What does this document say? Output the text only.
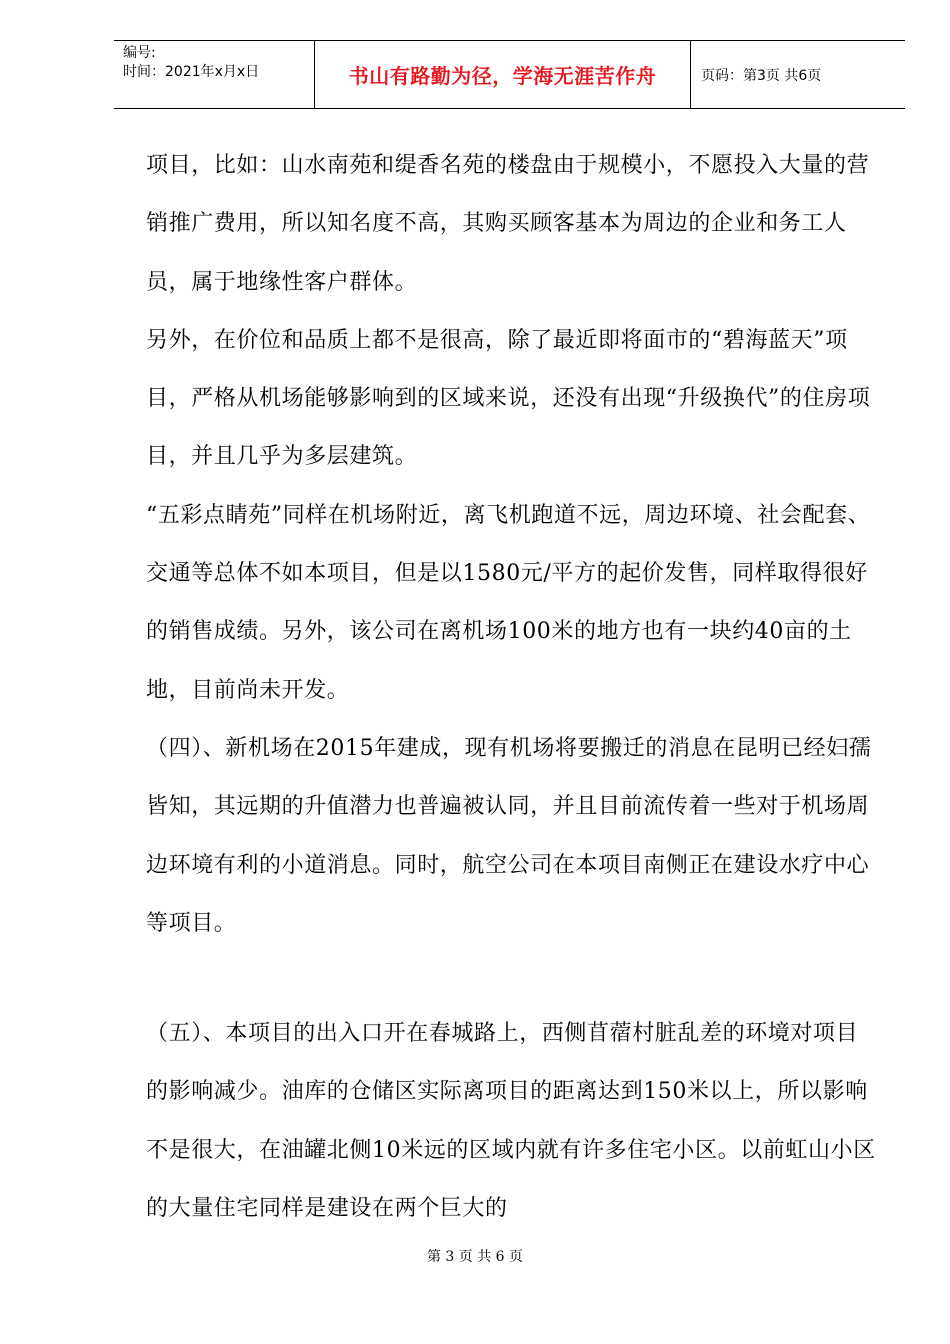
编号:
时间：2021年x月x日	书山有路勤为径，学海无涯苦作舟	页码：第3页 共6页

项目，比如：山水南苑和缇香名苑的楼盘由于规模小，不愿投入大量的营销推广费用，所以知名度不高，其购买顾客基本为周边的企业和务工人员，属于地缘性客户群体。

另外，在价位和品质上都不是很高，除了最近即将面市的“碧海蓝天”项目，严格从机场能够影响到的区域来说，还没有出现“升级换代”的住房项目，并且几乎为多层建筑。

“五彩点睛苑”同样在机场附近，离飞机跑道不远，周边环境、社会配套、交通等总体不如本项目，但是以1580元/平方的起价发售，同样取得很好的销售成绩。另外，该公司在离机场100米的地方也有一块约40亩的土地，目前尚未开发。

（四）、新机场在2015年建成，现有机场将要搬迁的消息在昆明已经妇孺皆知，其远期的升值潜力也普遍被认同，并且目前流传着一些对于机场周边环境有利的小道消息。同时，航空公司在本项目南侧正在建设水疗中心等项目。

（五）、本项目的出入口开在春城路上，西侧苜蓿村脏乱差的环境对项目的影响减少。油库的仓储区实际离项目的距离达到150米以上，所以影响不是很大，在油罐北侧10米远的区域内就有许多住宅小区。以前虹山小区的大量住宅同样是建设在两个巨大的

第 3 页 共 6 页
